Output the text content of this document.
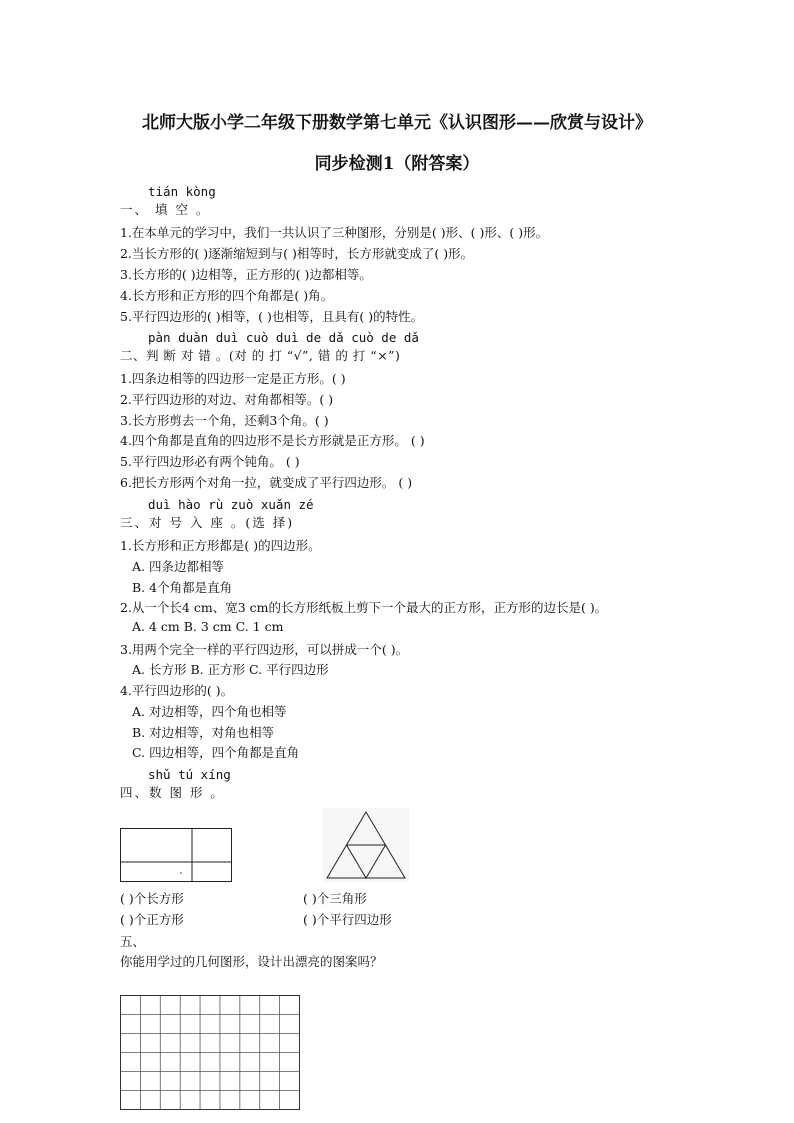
北师大版小学二年级下册数学第七单元《认识图形——欣赏与设计》
同步检测1（附答案）
tián kòng
一、 填 空 。
1.在本单元的学习中，我们一共认识了三种图形，分别是( )形、( )形、( )形。
2.当长方形的( )逐渐缩短到与( )相等时，长方形就变成了( )形。
3.长方形的( )边相等，正方形的( )边都相等。
4.长方形和正方形的四个角都是( )角。
5.平行四边形的( )相等，( )也相等，且具有( )的特性。
pàn duàn duì cuò duì de dǎ cuò de dǎ
二、判 断 对 错 。(对 的 打 “√”, 错 的 打 “×”)
1.四条边相等的四边形一定是正方形。( )
2.平行四边形的对边、对角都相等。( )
3.长方形剪去一个角，还剩3个角。( )
4.四个角都是直角的四边形不是长方形就是正方形。 ( )
5.平行四边形必有两个钝角。 ( )
6.把长方形两个对角一拉，就变成了平行四边形。 ( )
duì hào rù zuò xuǎn zé
三、对 号 入 座 。(选 择)
1.长方形和正方形都是( )的四边形。
A. 四条边都相等
B. 4个角都是直角
2.从一个长4 cm、宽3 cm的长方形纸板上剪下一个最大的正方形，正方形的边长是( )。
A. 4 cm B. 3 cm C. 1 cm
3.用两个完全一样的平行四边形，可以拼成一个( )。
A. 长方形 B. 正方形 C. 平行四边形
4.平行四边形的( )。
A. 对边相等，四个角也相等
B. 对边相等，对角也相等
C. 四边相等，四个角都是直角
shǔ tú xíng
四、数 图 形 。
( )个长方形
( )个正方形
( )个三角形
( )个平行四边形
五、
你能用学过的几何图形，设计出漂亮的图案吗？
